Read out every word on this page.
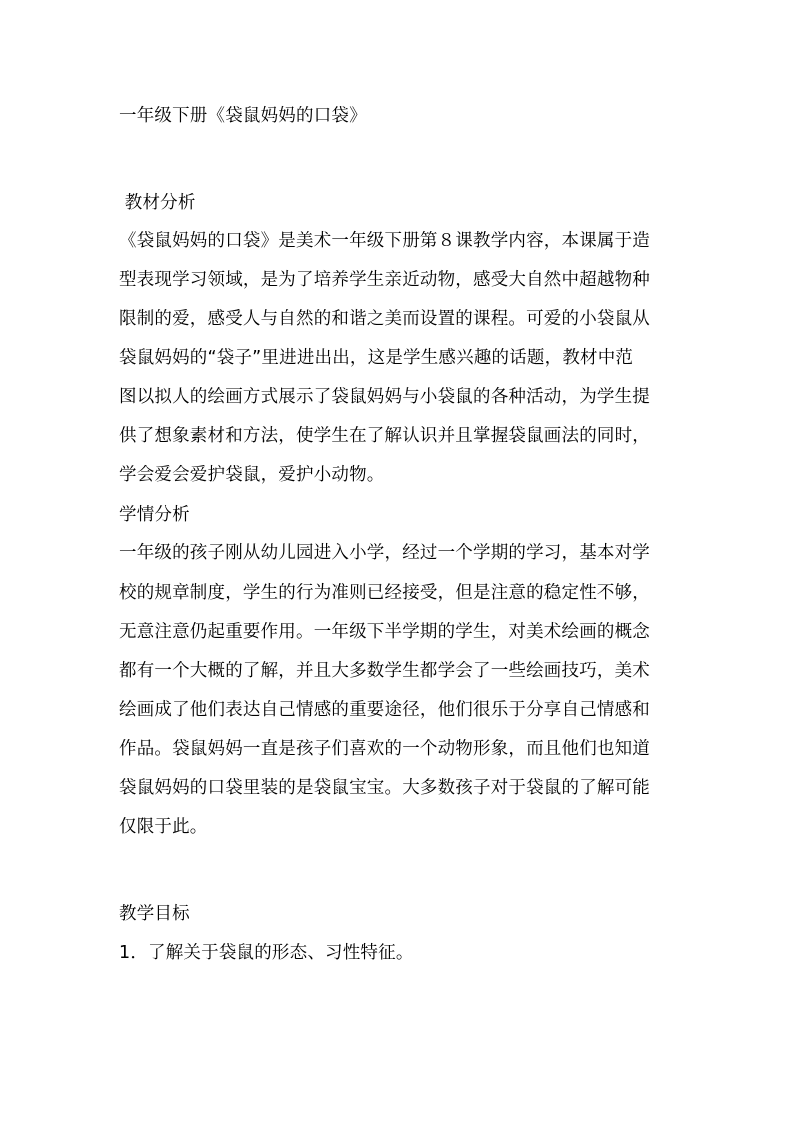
一年级下册《袋鼠妈妈的口袋》
教材分析
《袋鼠妈妈的口袋》是美术一年级下册第８课教学内容，本课属于造
型表现学习领域，是为了培养学生亲近动物，感受大自然中超越物种
限制的爱，感受人与自然的和谐之美而设置的课程。可爱的小袋鼠从
袋鼠妈妈的“袋子”里进进出出，这是学生感兴趣的话题，教材中范
图以拟人的绘画方式展示了袋鼠妈妈与小袋鼠的各种活动，为学生提
供了想象素材和方法，使学生在了解认识并且掌握袋鼠画法的同时，
学会爱会爱护袋鼠，爱护小动物。
学情分析
一年级的孩子刚从幼儿园进入小学，经过一个学期的学习，基本对学
校的规章制度，学生的行为准则已经接受，但是注意的稳定性不够，
无意注意仍起重要作用。一年级下半学期的学生，对美术绘画的概念
都有一个大概的了解，并且大多数学生都学会了一些绘画技巧，美术
绘画成了他们表达自己情感的重要途径，他们很乐于分享自己情感和
作品。袋鼠妈妈一直是孩子们喜欢的一个动物形象，而且他们也知道
袋鼠妈妈的口袋里装的是袋鼠宝宝。大多数孩子对于袋鼠的了解可能
仅限于此。
教学目标
1．了解关于袋鼠的形态、习性特征。
